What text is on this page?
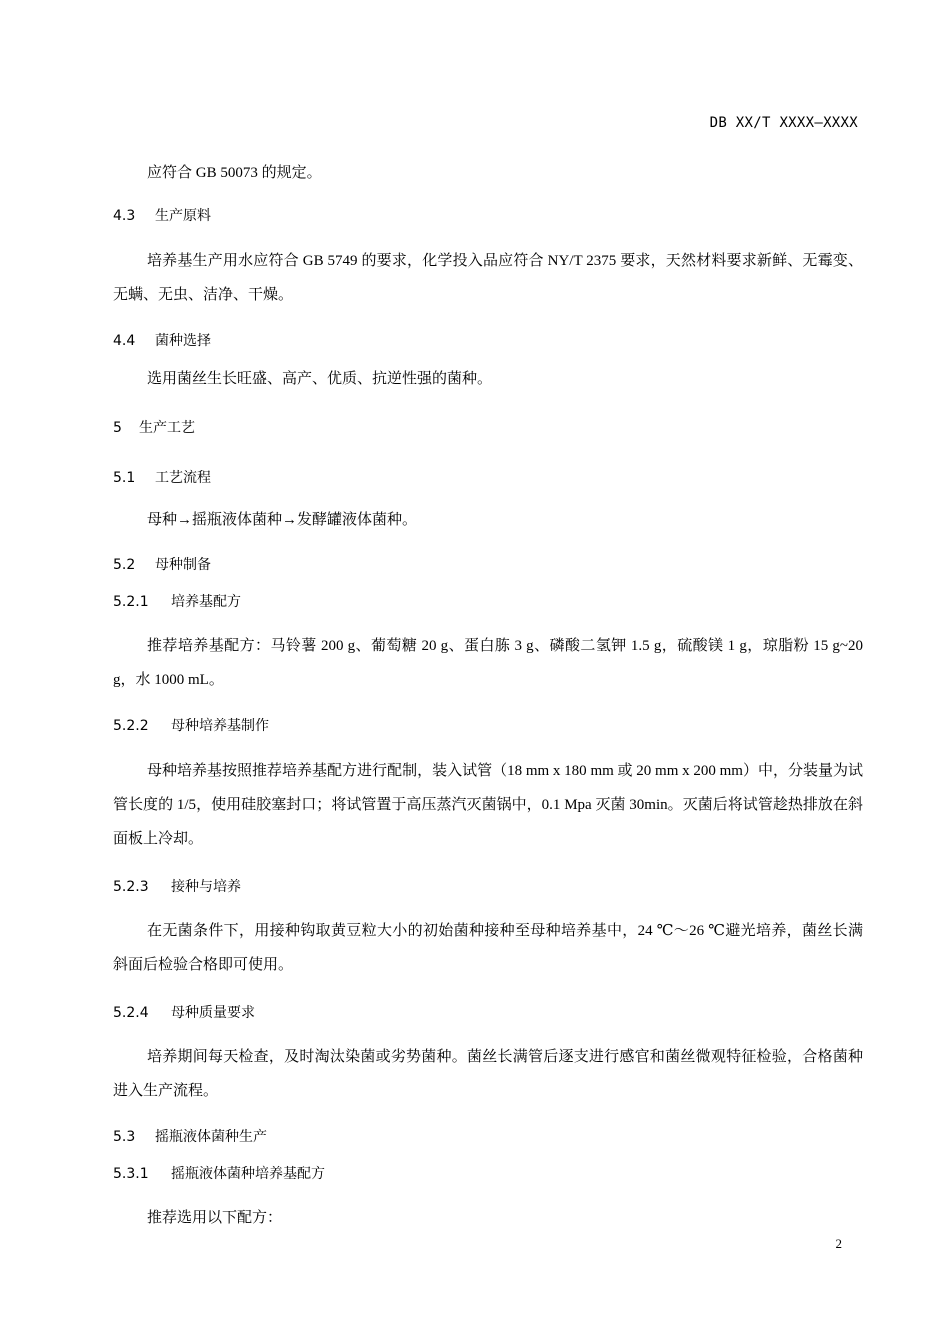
DB XX/T XXXX—XXXX
应符合 GB 50073 的规定。
4.3 生产原料
培养基生产用水应符合 GB 5749 的要求，化学投入品应符合 NY/T 2375 要求，天然材料要求新鲜、无霉变、无螨、无虫、洁净、干燥。
4.4 菌种选择
选用菌丝生长旺盛、高产、优质、抗逆性强的菌种。
5 生产工艺
5.1 工艺流程
母种→摇瓶液体菌种→发酵罐液体菌种。
5.2 母种制备
5.2.1 培养基配方
推荐培养基配方：马铃薯 200 g、葡萄糖 20 g、蛋白胨 3 g、磷酸二氢钾 1.5 g，硫酸镁 1 g，琼脂粉 15 g~20 g，水 1000 mL。
5.2.2 母种培养基制作
母种培养基按照推荐培养基配方进行配制，装入试管（18 mm x 180 mm 或 20 mm x 200 mm）中，分装量为试管长度的 1/5，使用硅胶塞封口；将试管置于高压蒸汽灭菌锅中，0.1 Mpa 灭菌 30min。灭菌后将试管趁热排放在斜面板上冷却。
5.2.3 接种与培养
在无菌条件下，用接种钩取黄豆粒大小的初始菌种接种至母种培养基中，24 ℃～26 ℃避光培养，菌丝长满斜面后检验合格即可使用。
5.2.4 母种质量要求
培养期间每天检查，及时淘汰染菌或劣势菌种。菌丝长满管后逐支进行感官和菌丝微观特征检验，合格菌种进入生产流程。
5.3 摇瓶液体菌种生产
5.3.1 摇瓶液体菌种培养基配方
推荐选用以下配方：
2
